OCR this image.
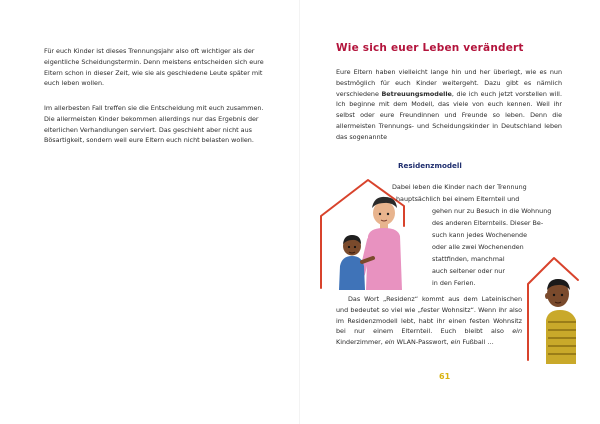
Für euch Kinder ist dieses Trennungsjahr also oft wichtiger als der eigentliche Scheidungstermin. Denn meistens entscheiden sich eure Eltern schon in dieser Zeit, wie sie als geschiedene Leute später mit euch leben wollen.

Im allerbesten Fall treffen sie die Entscheidung mit euch zusammen. Die allermeisten Kinder bekommen allerdings nur das Ergebnis der elterlichen Verhandlungen serviert. Das geschieht aber nicht aus Bösartigkeit, sondern weil eure Eltern euch nicht belasten wollen.

Wie sich euer Leben verändert

Eure Eltern haben vielleicht lange hin und her überlegt, wie es nun bestmöglich für euch Kinder weitergeht. Dazu gibt es nämlich verschiedene Betreuungsmodelle, die ich euch jetzt vorstellen will. Ich beginne mit dem Modell, das viele von euch kennen. Weil ihr selbst oder eure Freundinnen und Freunde so leben. Denn die allermeisten Trennungs- und Scheidungskinder in Deutschland leben das sogenannte

Residenzmodell

Dabei leben die Kinder nach der Trennung

hauptsächlich bei einem Elternteil und

gehen nur zu Besuch in die Wohnung

des anderen Elternteils. Dieser Be-

such kann jedes Wochenende

oder alle zwei Wochenenden

stattfinden, manchmal

auch seltener oder nur

in den Ferien.

Das Wort „Residenz“ kommt aus dem Lateinischen und bedeutet so viel wie „fester Wohnsitz“. Wenn ihr also im Residenzmodell lebt, habt ihr einen festen Wohnsitz bei nur einem Elternteil. Euch bleibt also ein Kinderzimmer, ein WLAN-Passwort, ein Fußball …

61
